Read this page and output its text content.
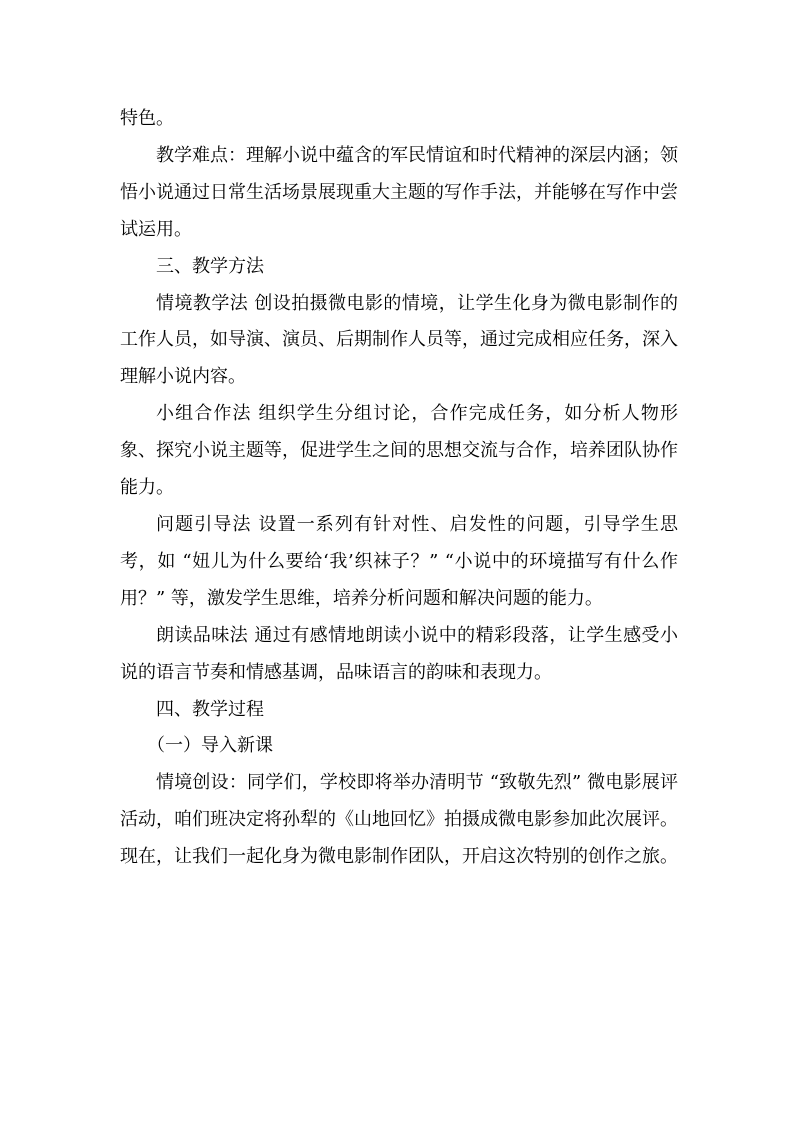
特色。

教学难点：理解小说中蕴含的军民情谊和时代精神的深层内涵；领悟小说通过日常生活场景展现重大主题的写作手法，并能够在写作中尝试运用。

三、教学方法

情境教学法 创设拍摄微电影的情境，让学生化身为微电影制作的工作人员，如导演、演员、后期制作人员等，通过完成相应任务，深入理解小说内容。

小组合作法 组织学生分组讨论，合作完成任务，如分析人物形象、探究小说主题等，促进学生之间的思想交流与合作，培养团队协作能力。

问题引导法 设置一系列有针对性、启发性的问题，引导学生思考，如 “妞儿为什么要给‘我’织袜子？” “小说中的环境描写有什么作用？” 等，激发学生思维，培养分析问题和解决问题的能力。

朗读品味法 通过有感情地朗读小说中的精彩段落，让学生感受小说的语言节奏和情感基调，品味语言的韵味和表现力。

四、教学过程

（一）导入新课

情境创设：同学们，学校即将举办清明节 “致敬先烈” 微电影展评活动，咱们班决定将孙犁的《山地回忆》拍摄成微电影参加此次展评。现在，让我们一起化身为微电影制作团队，开启这次特别的创作之旅。
